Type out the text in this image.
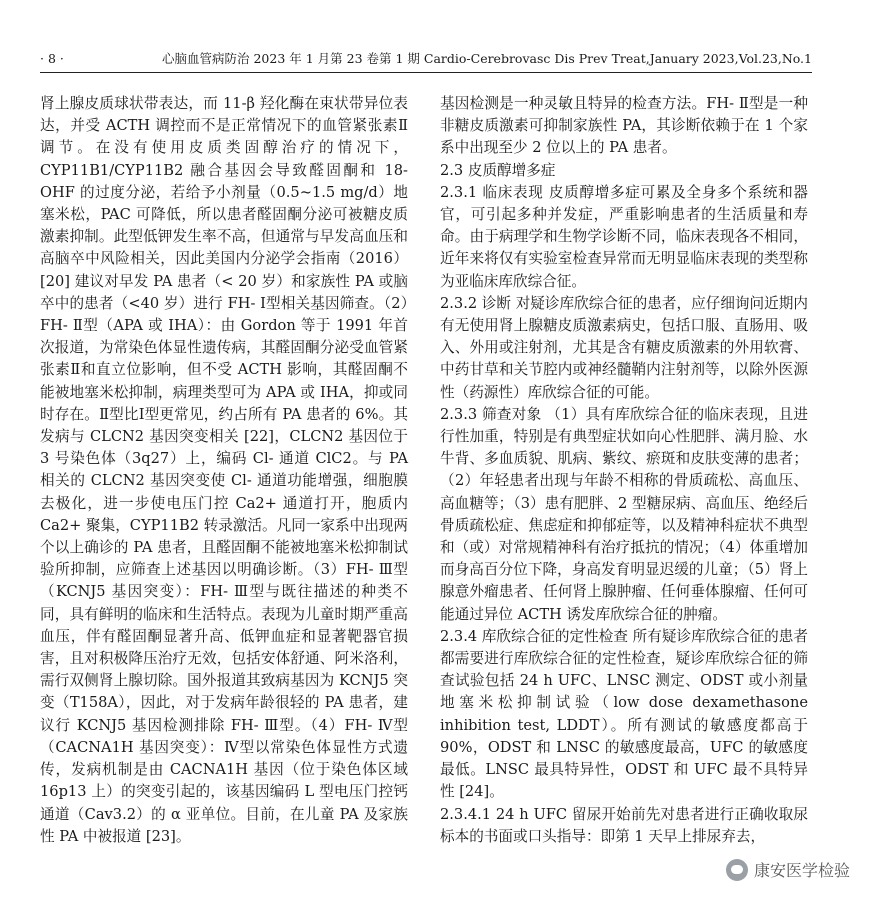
· 8 ·	心脑血管病防治 2023 年 1 月第 23 卷第 1 期 Cardio-Cerebrovasc Dis Prev Treat,January 2023,Vol.23,No.1

肾上腺皮质球状带表达，而 11-β 羟化酶在束状带异位表达，并受 ACTH 调控而不是正常情况下的血管紧张素Ⅱ调节。在没有使用皮质类固醇治疗的情况下，CYP11B1/CYP11B2 融合基因会导致醛固酮和 18-OHF 的过度分泌，若给予小剂量（0.5~1.5 mg/d）地塞米松，PAC 可降低，所以患者醛固酮分泌可被糖皮质激素抑制。此型低钾发生率不高，但通常与早发高血压和高脑卒中风险相关，因此美国内分泌学会指南（2016）[20] 建议对早发 PA 患者（< 20 岁）和家族性 PA 或脑卒中的患者（<40 岁）进行 FH- Ⅰ型相关基因筛查。（2）FH- Ⅱ型（APA 或 IHA）：由 Gordon 等于 1991 年首次报道，为常染色体显性遗传病，其醛固酮分泌受血管紧张素Ⅱ和直立位影响，但不受 ACTH 影响，其醛固酮不能被地塞米松抑制，病理类型可为 APA 或 IHA，抑或同时存在。Ⅱ型比Ⅰ型更常见，约占所有 PA 患者的 6%。其发病与 CLCN2 基因突变相关 [22]，CLCN2 基因位于 3 号染色体（3q27）上，编码 Cl- 通道 ClC2。与 PA 相关的 CLCN2 基因突变使 Cl- 通道功能增强，细胞膜去极化，进一步使电压门控 Ca2+ 通道打开，胞质内 Ca2+ 聚集，CYP11B2 转录激活。凡同一家系中出现两个以上确诊的 PA 患者，且醛固酮不能被地塞米松抑制试验所抑制，应筛查上述基因以明确诊断。（3）FH- Ⅲ型（KCNJ5 基因突变）：FH- Ⅲ型与既往描述的种类不同，具有鲜明的临床和生活特点。表现为儿童时期严重高血压，伴有醛固酮显著升高、低钾血症和显著靶器官损害，且对积极降压治疗无效，包括安体舒通、阿米洛利，需行双侧肾上腺切除。国外报道其致病基因为 KCNJ5 突变（T158A），因此，对于发病年龄很轻的 PA 患者，建议行 KCNJ5 基因检测排除 FH- Ⅲ型。（4）FH- Ⅳ型（CACNA1H 基因突变）：Ⅳ型以常染色体显性方式遗传，发病机制是由 CACNA1H 基因（位于染色体区域 16p13 上）的突变引起的，该基因编码 L 型电压门控钙通道（Cav3.2）的 α 亚单位。目前，在儿童 PA 及家族性 PA 中被报道 [23]。

基因检测是一种灵敏且特异的检查方法。FH- Ⅱ型是一种非糖皮质激素可抑制家族性 PA，其诊断依赖于在 1 个家系中出现至少 2 位以上的 PA 患者。

2.3 皮质醇增多症

2.3.1 临床表现 皮质醇增多症可累及全身多个系统和器官，可引起多种并发症，严重影响患者的生活质量和寿命。由于病理学和生物学诊断不同，临床表现各不相同，近年来将仅有实验室检查异常而无明显临床表现的类型称为亚临床库欣综合征。

2.3.2 诊断 对疑诊库欣综合征的患者，应仔细询问近期内有无使用肾上腺糖皮质激素病史，包括口服、直肠用、吸入、外用或注射剂，尤其是含有糖皮质激素的外用软膏、中药甘草和关节腔内或神经髓鞘内注射剂等，以除外医源性（药源性）库欣综合征的可能。

2.3.3 筛查对象 （1）具有库欣综合征的临床表现，且进行性加重，特别是有典型症状如向心性肥胖、满月脸、水牛背、多血质貌、肌病、紫纹、瘀斑和皮肤变薄的患者；（2）年轻患者出现与年龄不相称的骨质疏松、高血压、高血糖等；（3）患有肥胖、2 型糖尿病、高血压、绝经后骨质疏松症、焦虑症和抑郁症等，以及精神科症状不典型和（或）对常规精神科有治疗抵抗的情况；（4）体重增加而身高百分位下降，身高发育明显迟缓的儿童；（5）肾上腺意外瘤患者、任何肾上腺肿瘤、任何垂体腺瘤、任何可能通过异位 ACTH 诱发库欣综合征的肿瘤。

2.3.4 库欣综合征的定性检查 所有疑诊库欣综合征的患者都需要进行库欣综合征的定性检查，疑诊库欣综合征的筛查试验包括 24 h UFC、LNSC 测定、ODST 或小剂量地塞米松抑制试验（low dose dexamethasone inhibition test, LDDT）。所有测试的敏感度都高于 90%，ODST 和 LNSC 的敏感度最高，UFC 的敏感度最低。LNSC 最具特异性，ODST 和 UFC 最不具特异性 [24]。

2.3.4.1 24 h UFC 留尿开始前先对患者进行正确收取尿标本的书面或口头指导：即第 1 天早上排尿弃去，

康安医学检验
